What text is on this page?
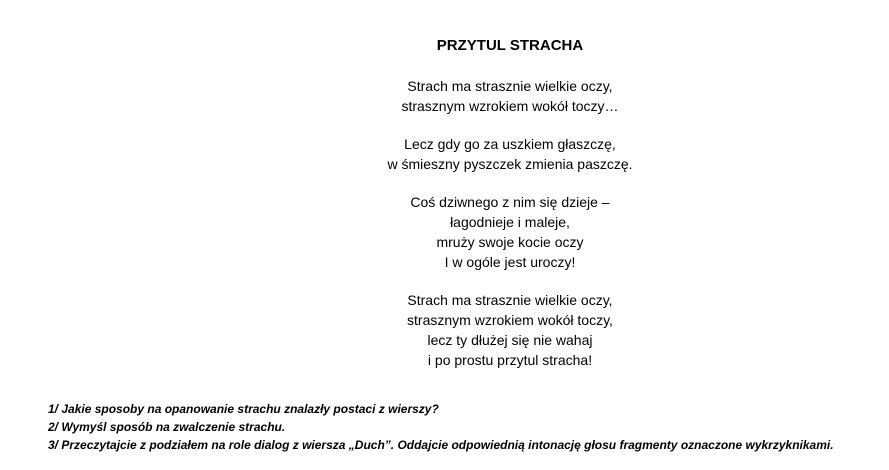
PRZYTUL STRACHA
Strach ma strasznie wielkie oczy,
strasznym wzrokiem wokół toczy…
Lecz gdy go za uszkiem głaszczę,
w śmieszny pyszczek zmienia paszczę.
Coś dziwnego z nim się dzieje –
łagodnieje i maleje,
mrużу swoje kocie oczy
I w ogóle jest uroczy!
Strach ma strasznie wielkie oczy,
strasznym wzrokiem wokół toczy,
lecz ty dłużej się nie wahaj
i po prostu przytul stracha!
1/ Jakie sposoby na opanowanie strachu znalazły postaci z wierszy?
2/ Wymyśl sposób na zwalczenie strachu.
3/ Przeczytajcie z podziałem na role dialog z wiersza „Duch”. Oddajcie odpowiednią intonację głosu fragmenty oznaczone wykrzyknikami.
